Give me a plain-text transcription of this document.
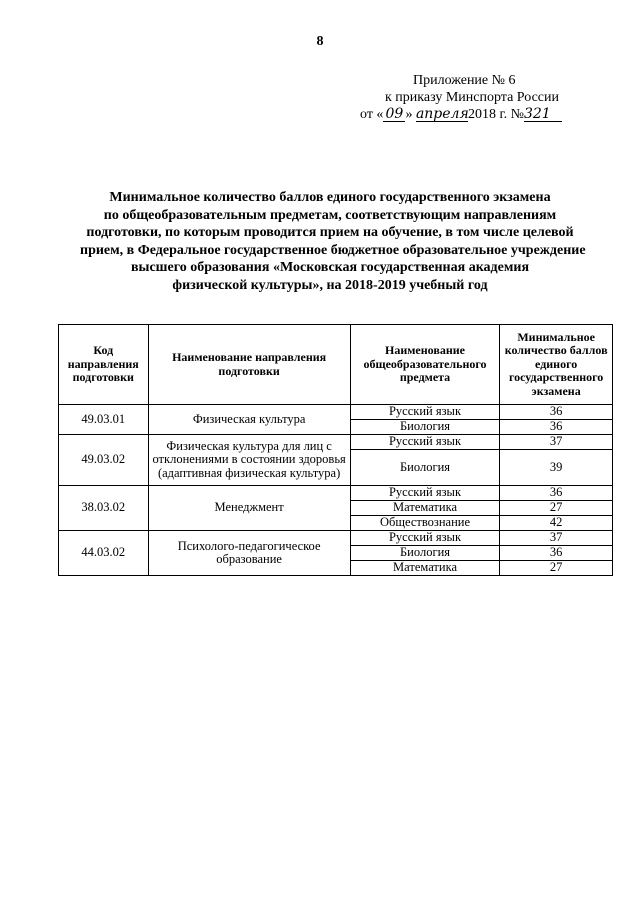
8
Приложение № 6
к приказу Минспорта России
от « 09 » апреля2018 г. №321
Минимальное количество баллов единого государственного экзамена
по общеобразовательным предметам, соответствующим направлениям
подготовки, по которым проводится прием на обучение, в том числе целевой
прием, в Федеральное государственное бюджетное образовательное учреждение
высшего образования «Московская государственная академия
физической культуры», на 2018-2019 учебный год
Код направления подготовки	Наименование направления подготовки	Наименование общеобразовательного предмета	Минимальное количество баллов единого государственного экзамена
49.03.01	Физическая культура	Русский язык	36
		Биология	36
49.03.02	Физическая культура для лиц с отклонениями в состоянии здоровья (адаптивная физическая культура)	Русский язык	37
		Биология	39
38.03.02	Менеджмент	Русский язык	36
		Математика	27
		Обществознание	42
44.03.02	Психолого-педагогическое образование	Русский язык	37
		Биология	36
		Математика	27
